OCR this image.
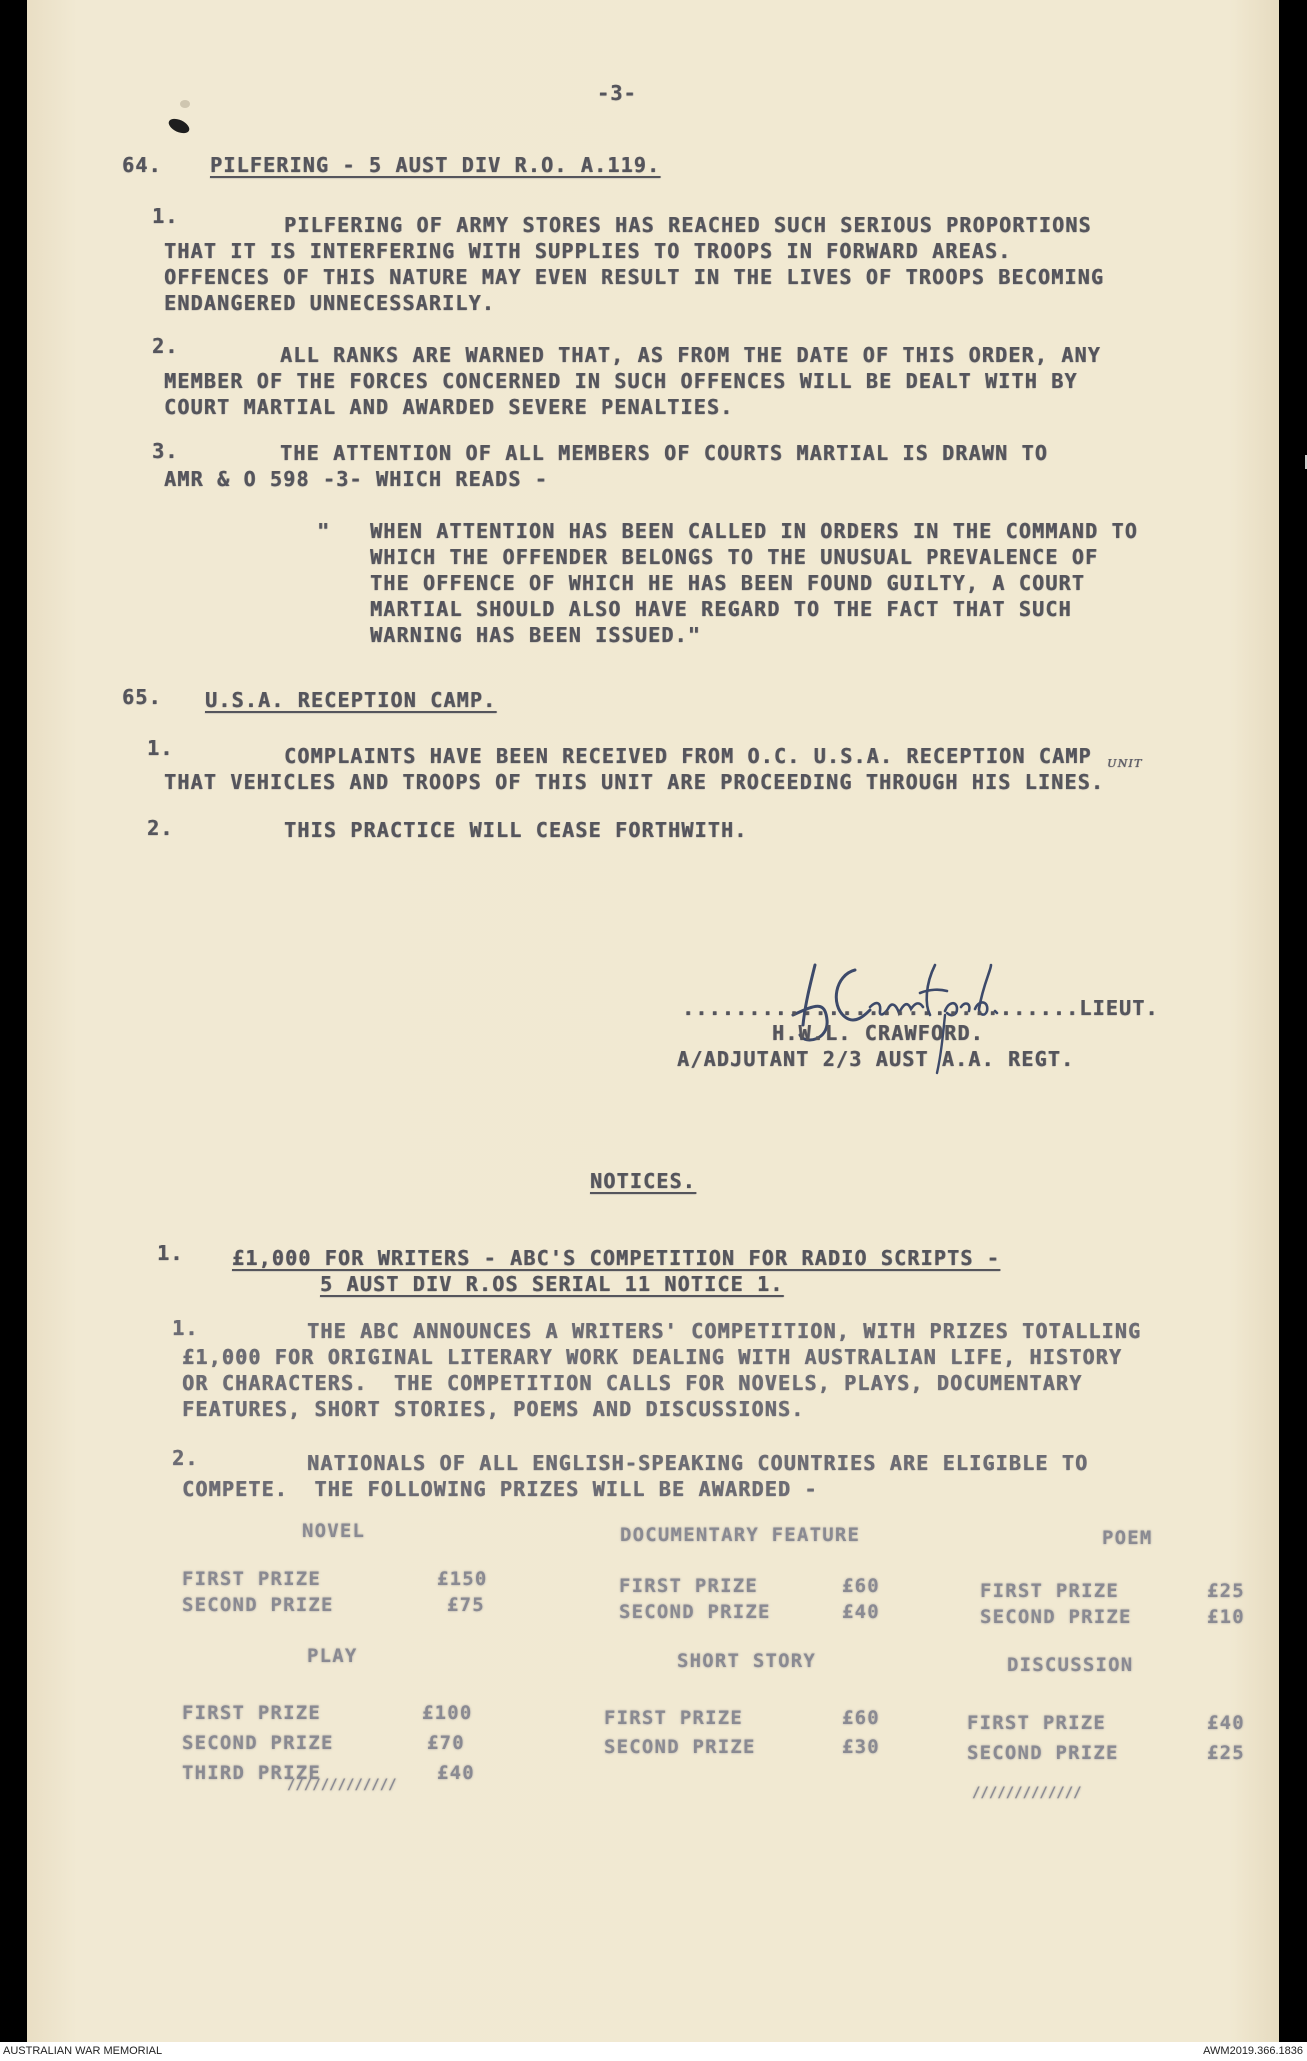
-3-
64. PILFERING - 5 AUST DIV R.O. A.119.
1.	PILFERING OF ARMY STORES HAS REACHED SUCH SERIOUS PROPORTIONS
THAT IT IS INTERFERING WITH SUPPLIES TO TROOPS IN FORWARD AREAS.
OFFENCES OF THIS NATURE MAY EVEN RESULT IN THE LIVES OF TROOPS BECOMING
ENDANGERED UNNECESSARILY.
2.	ALL RANKS ARE WARNED THAT, AS FROM THE DATE OF THIS ORDER, ANY
MEMBER OF THE FORCES CONCERNED IN SUCH OFFENCES WILL BE DEALT WITH BY
COURT MARTIAL AND AWARDED SEVERE PENALTIES.
3.	THE ATTENTION OF ALL MEMBERS OF COURTS MARTIAL IS DRAWN TO
AMR & O 598 -3- WHICH READS -
"   WHEN ATTENTION HAS BEEN CALLED IN ORDERS IN THE COMMAND TO
WHICH THE OFFENDER BELONGS TO THE UNUSUAL PREVALENCE OF
THE OFFENCE OF WHICH HE HAS BEEN FOUND GUILTY, A COURT
MARTIAL SHOULD ALSO HAVE REGARD TO THE FACT THAT SUCH
WARNING HAS BEEN ISSUED."
65. U.S.A. RECEPTION CAMP.
1.	COMPLAINTS HAVE BEEN RECEIVED FROM O.C. U.S.A. RECEPTION CAMP
THAT VEHICLES AND TROOPS OF THIS UNIT ARE PROCEEDING THROUGH HIS LINES.
UNIT
2.	THIS PRACTICE WILL CEASE FORTHWITH.
..............................LIEUT.
H.W.L. CRAWFORD.
A/ADJUTANT 2/3 AUST A.A. REGT.
NOTICES.
1. £1,000 FOR WRITERS - ABC'S COMPETITION FOR RADIO SCRIPTS -
5 AUST DIV R.OS SERIAL 11 NOTICE 1.
1.	THE ABC ANNOUNCES A WRITERS' COMPETITION, WITH PRIZES TOTALLING
£1,000 FOR ORIGINAL LITERARY WORK DEALING WITH AUSTRALIAN LIFE, HISTORY
OR CHARACTERS.  THE COMPETITION CALLS FOR NOVELS, PLAYS, DOCUMENTARY
FEATURES, SHORT STORIES, POEMS AND DISCUSSIONS.
2.	NATIONALS OF ALL ENGLISH-SPEAKING COUNTRIES ARE ELIGIBLE TO
COMPETE.  THE FOLLOWING PRIZES WILL BE AWARDED -
NOVEL
FIRST PRIZE	£150
SECOND PRIZE	£75
DOCUMENTARY FEATURE
FIRST PRIZE	£60
SECOND PRIZE	£40
POEM
FIRST PRIZE	£25
SECOND PRIZE	£10
PLAY
FIRST PRIZE	£100
SECOND PRIZE	£70
THIRD PRIZE	£40
/////////////
SHORT STORY
FIRST PRIZE	£60
SECOND PRIZE	£30
DISCUSSION
FIRST PRIZE	£40
SECOND PRIZE	£25
/////////////
AUSTRALIAN WAR MEMORIAL	AWM2019.366.1836
